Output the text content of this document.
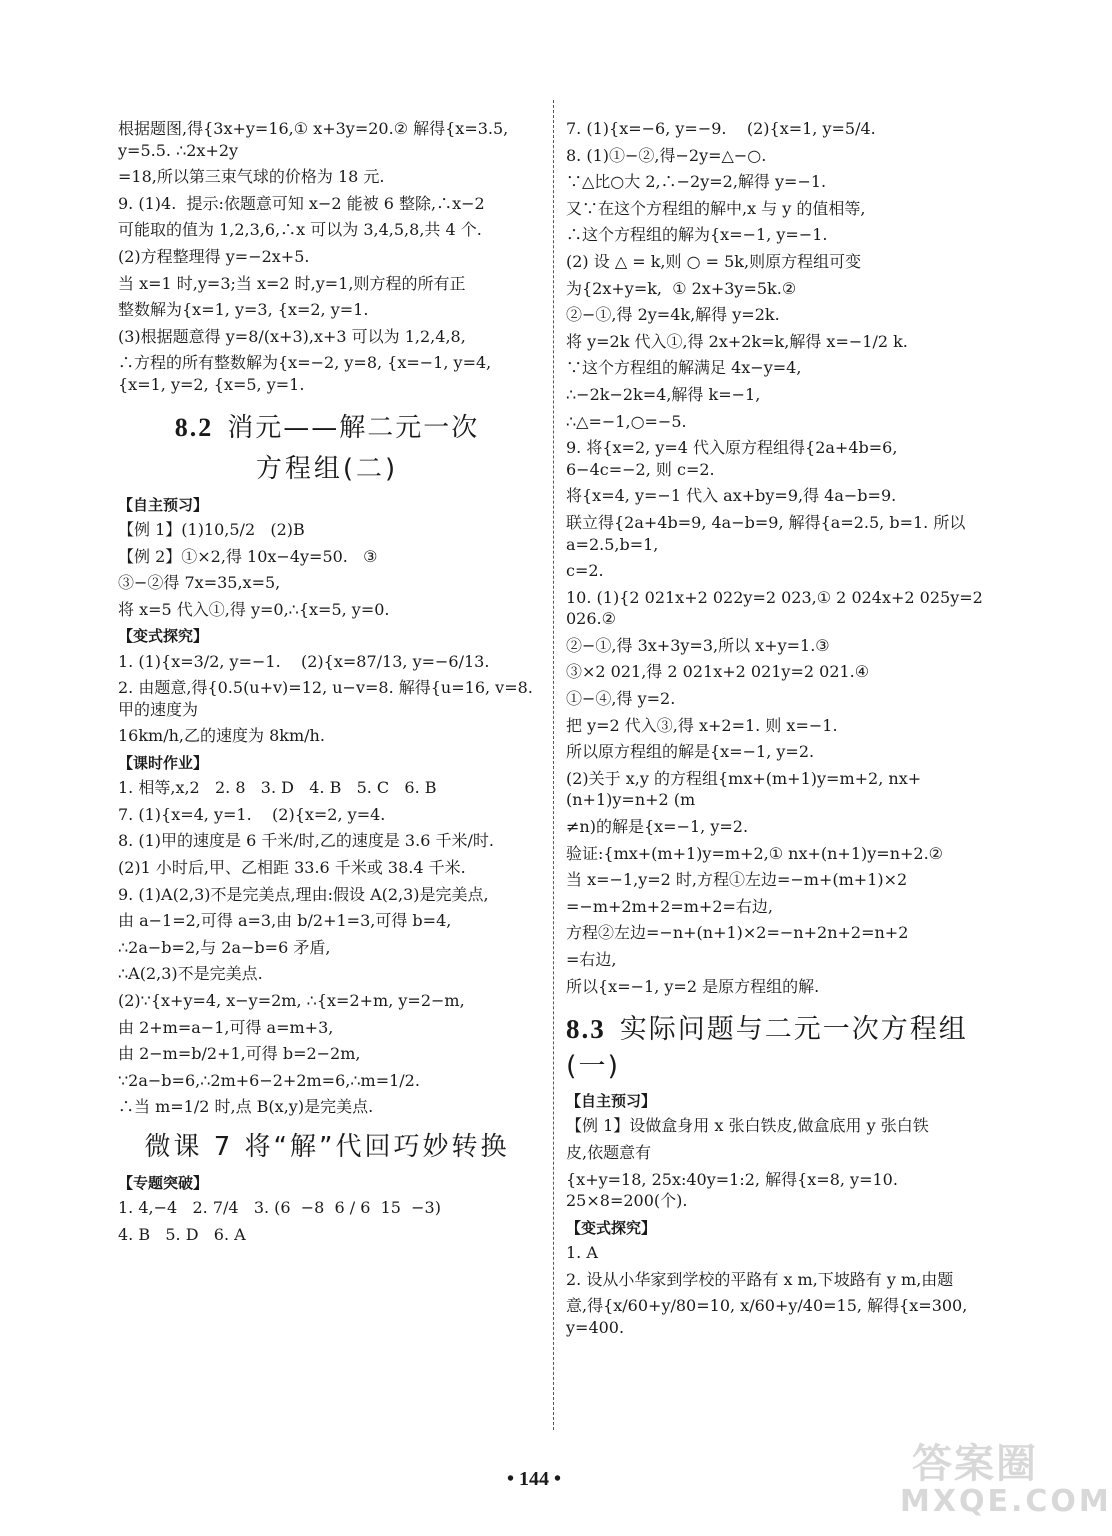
根据题图,得{3x+y=16,① x+3y=20.② 解得{x=3.5, y=5.5. ∴2x+2y

=18,所以第三束气球的价格为 18 元.

9. (1)4.  提示:依题意可知 x−2 能被 6 整除,∴x−2

可能取的值为 1,2,3,6,∴x 可以为 3,4,5,8,共 4 个.

(2)方程整理得 y=−2x+5.

当 x=1 时,y=3;当 x=2 时,y=1,则方程的所有正

整数解为{x=1, y=3, {x=2, y=1.

(3)根据题意得 y=8/(x+3),x+3 可以为 1,2,4,8,

∴方程的所有整数解为{x=−2, y=8, {x=−1, y=4, {x=1, y=2, {x=5, y=1.

8.2 消元——解二元一次
方程组(二)
【自主预习】

【例 1】(1)10,5/2   (2)B

【例 2】①×2,得 10x−4y=50.   ③

③−②得 7x=35,x=5,

将 x=5 代入①,得 y=0,∴{x=5, y=0.

【变式探究】

1. (1){x=3/2, y=−1.    (2){x=87/13, y=−6/13.

2. 由题意,得{0.5(u+v)=12, u−v=8. 解得{u=16, v=8. 甲的速度为

16km/h,乙的速度为 8km/h.

【课时作业】

1. 相等,x,2   2. 8   3. D   4. B   5. C   6. B

7. (1){x=4, y=1.    (2){x=2, y=4.

8. (1)甲的速度是 6 千米/时,乙的速度是 3.6 千米/时.

(2)1 小时后,甲、乙相距 33.6 千米或 38.4 千米.

9. (1)A(2,3)不是完美点,理由:假设 A(2,3)是完美点,

由 a−1=2,可得 a=3,由 b/2+1=3,可得 b=4,

∴2a−b=2,与 2a−b=6 矛盾,

∴A(2,3)不是完美点.

(2)∵{x+y=4, x−y=2m, ∴{x=2+m, y=2−m,

由 2+m=a−1,可得 a=m+3,

由 2−m=b/2+1,可得 b=2−2m,

∵2a−b=6,∴2m+6−2+2m=6,∴m=1/2.

∴当 m=1/2 时,点 B(x,y)是完美点.

微课 7 将“解”代回巧妙转换
【专题突破】

1. 4,−4   2. 7/4   3. (6  −8  6 / 6  15  −3)

4. B   5. D   6. A

7. (1){x=−6, y=−9.    (2){x=1, y=5/4.

8. (1)①−②,得−2y=△−○.

∵△比○大 2,∴−2y=2,解得 y=−1.

又∵在这个方程组的解中,x 与 y 的值相等,

∴这个方程组的解为{x=−1, y=−1.

(2) 设 △ = k,则 ○ = 5k,则原方程组可变

为{2x+y=k,  ① 2x+3y=5k.②

②−①,得 2y=4k,解得 y=2k.

将 y=2k 代入①,得 2x+2k=k,解得 x=−1/2 k.

∵这个方程组的解满足 4x−y=4,

∴−2k−2k=4,解得 k=−1,

∴△=−1,○=−5.

9. 将{x=2, y=4 代入原方程组得{2a+4b=6, 6−4c=−2, 则 c=2.

将{x=4, y=−1 代入 ax+by=9,得 4a−b=9.

联立得{2a+4b=9, 4a−b=9, 解得{a=2.5, b=1. 所以 a=2.5,b=1,

c=2.

10. (1){2 021x+2 022y=2 023,① 2 024x+2 025y=2 026.②

②−①,得 3x+3y=3,所以 x+y=1.③

③×2 021,得 2 021x+2 021y=2 021.④

①−④,得 y=2.

把 y=2 代入③,得 x+2=1. 则 x=−1.

所以原方程组的解是{x=−1, y=2.

(2)关于 x,y 的方程组{mx+(m+1)y=m+2, nx+(n+1)y=n+2 (m

≠n)的解是{x=−1, y=2.

验证:{mx+(m+1)y=m+2,① nx+(n+1)y=n+2.②

当 x=−1,y=2 时,方程①左边=−m+(m+1)×2

=−m+2m+2=m+2=右边,

方程②左边=−n+(n+1)×2=−n+2n+2=n+2

=右边,

所以{x=−1, y=2 是原方程组的解.

8.3 实际问题与二元一次方程组(一)
【自主预习】

【例 1】设做盒身用 x 张白铁皮,做盒底用 y 张白铁

皮,依题意有

{x+y=18, 25x:40y=1:2, 解得{x=8, y=10. 25×8=200(个).

【变式探究】

1. A

2. 设从小华家到学校的平路有 x m,下坡路有 y m,由题

意,得{x/60+y/80=10, x/60+y/40=15, 解得{x=300, y=400.

• 144 •	答案圈
MXQE.COM
